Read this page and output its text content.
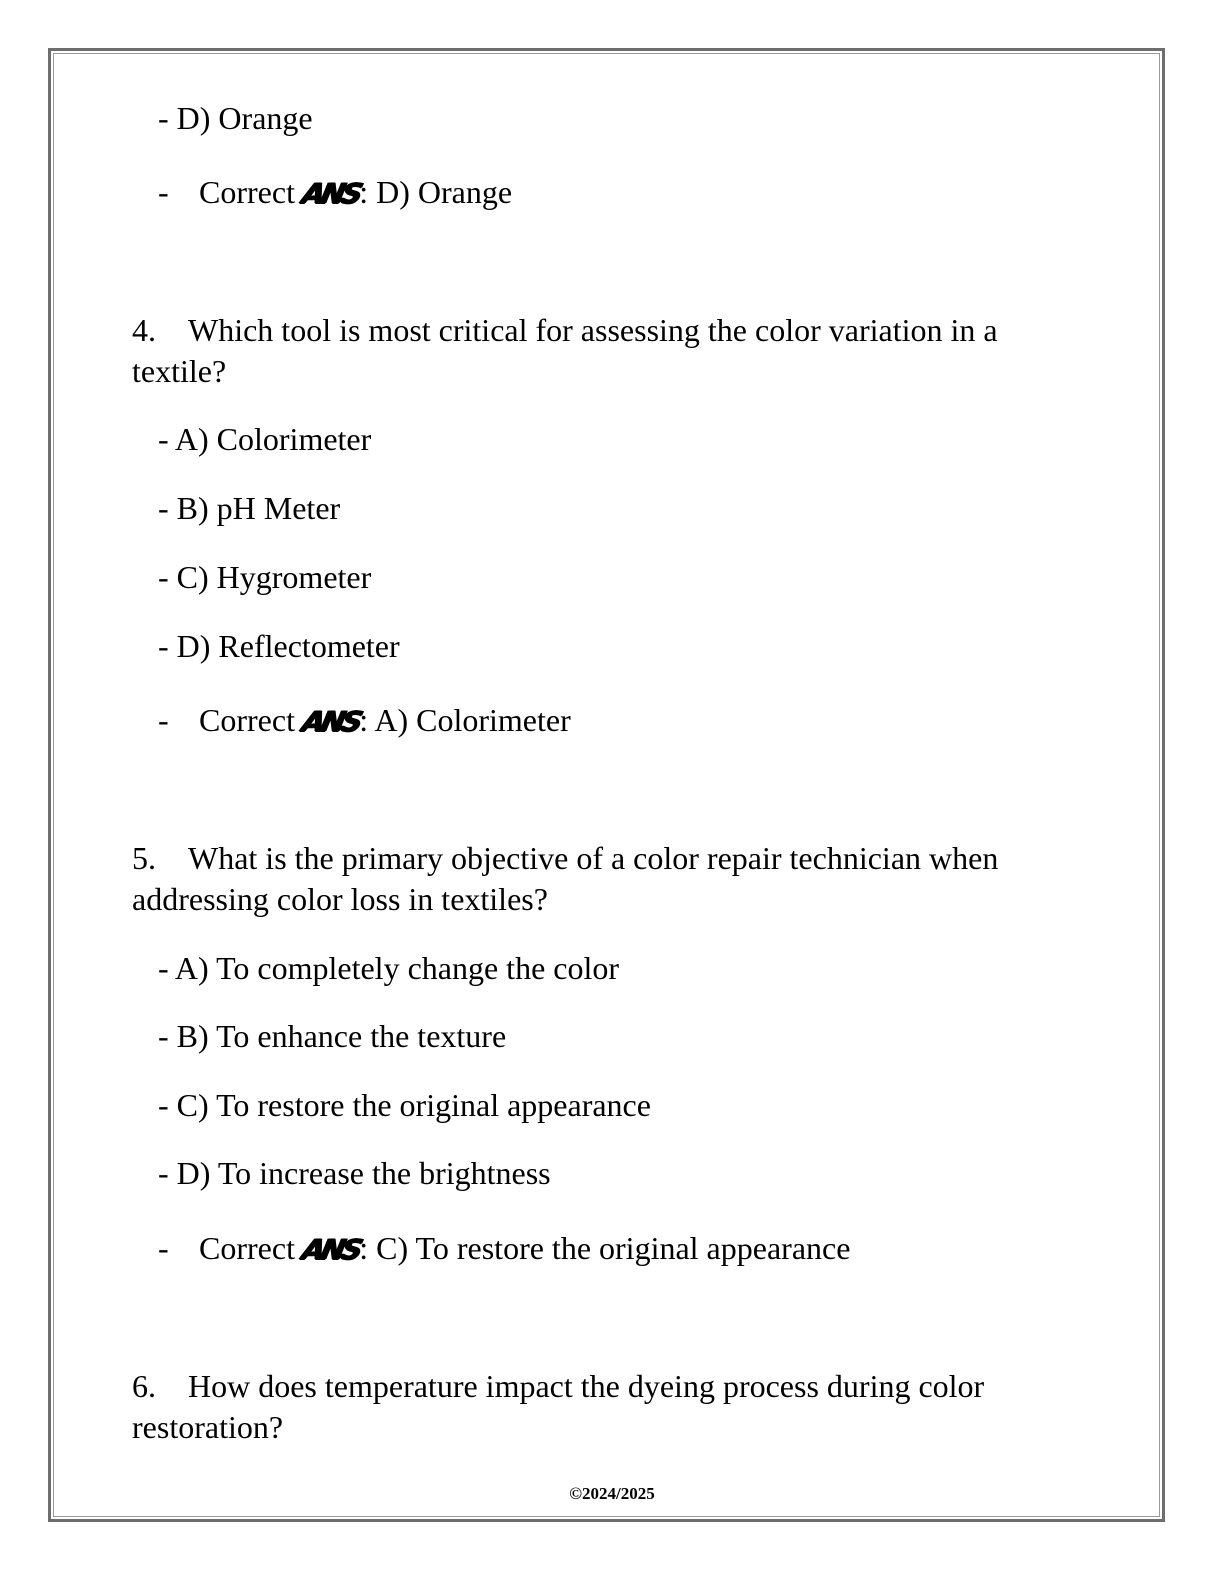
- D) Orange
- Correct ANS: D) Orange
4. Which tool is most critical for assessing the color variation in a textile?
- A) Colorimeter
- B) pH Meter
- C) Hygrometer
- D) Reflectometer
- Correct ANS: A) Colorimeter
5. What is the primary objective of a color repair technician when addressing color loss in textiles?
- A) To completely change the color
- B) To enhance the texture
- C) To restore the original appearance
- D) To increase the brightness
- Correct ANS: C) To restore the original appearance
6. How does temperature impact the dyeing process during color restoration?
©2024/2025
